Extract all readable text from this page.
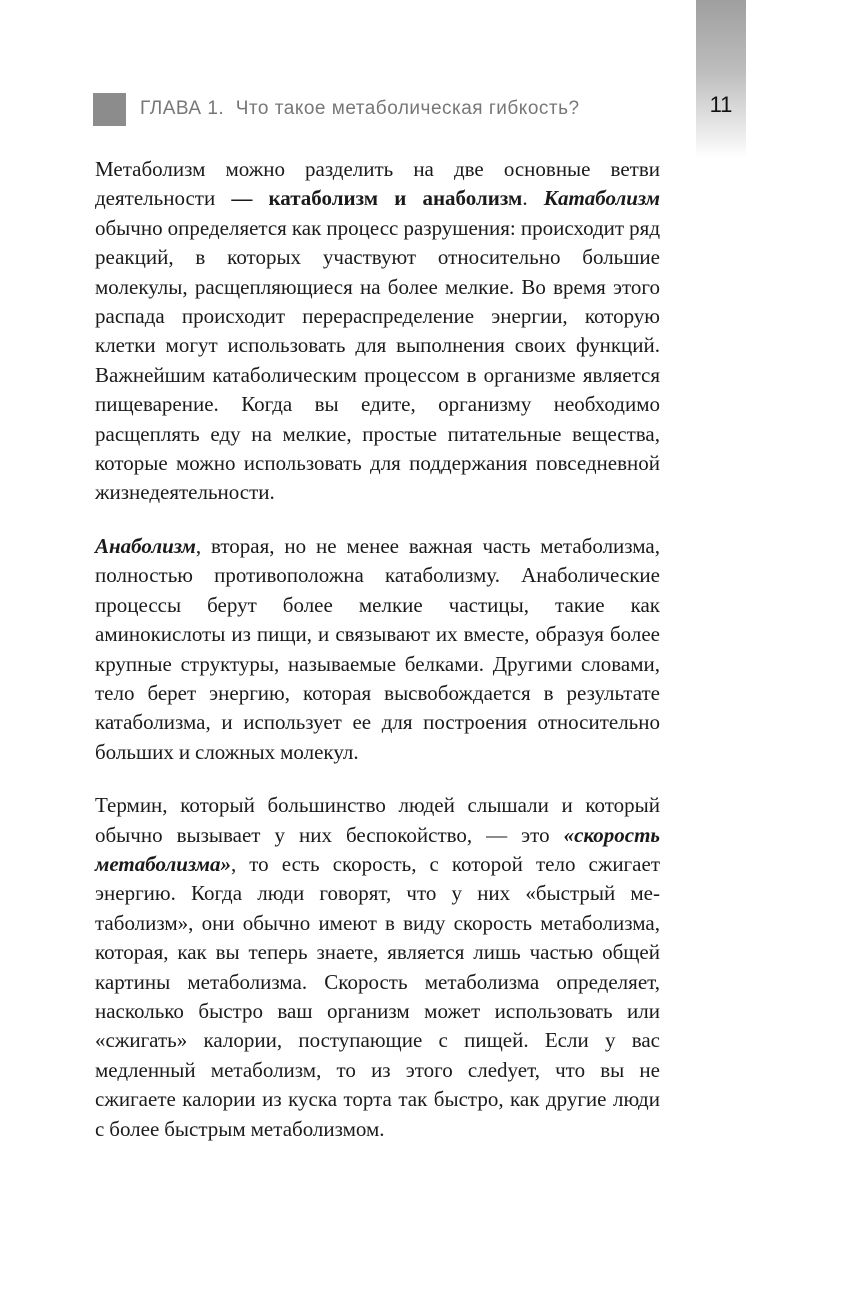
11
ГЛАВА 1. Что такое метаболическая гибкость?

Метаболизм можно разделить на две основные ветви деятельности — катаболизм и анаболизм. Катаболизм обычно определяется как процесс разрушения: происходит ряд реакций, в которых участвуют относительно большие молекулы, расщепляющиеся на более мелкие. Во время этого распада происходит перераспределение энергии, которую клетки могут использовать для выполнения своих функций. Важнейшим катаболическим процессом в организме является пищеварение. Когда вы едите, организму необходимо расщеплять еду на мелкие, простые питательные вещества, которые можно использовать для поддержания повседневной жизнедеятельности.

Анаболизм, вторая, но не менее важная часть метаболизма, полностью противоположна катаболизму. Анаболические процессы берут более мелкие частицы, такие как аминокислоты из пищи, и связывают их вместе, образуя более крупные структуры, называемые белками. Другими словами, тело берет энергию, которая высвобождается в результате катаболизма, и использует ее для построения относительно больших и сложных молекул.

Термин, который большинство людей слышали и который обычно вызывает у них беспокойство, — это «скорость метаболизма», то есть скорость, с которой тело сжигает энергию. Когда люди говорят, что у них «быстрый метаболизм», они обычно имеют в виду скорость метаболизма, которая, как вы теперь знаете, является лишь частью общей картины метаболизма. Скорость метаболизма определяет, насколько быстро ваш организм может использовать или «сжигать» калории, поступающие с пищей. Если у вас медленный метаболизм, то из этого слеdует, что вы не сжигаете калории из куска торта так быстро, как другие люди с более быстрым метаболизмом.
